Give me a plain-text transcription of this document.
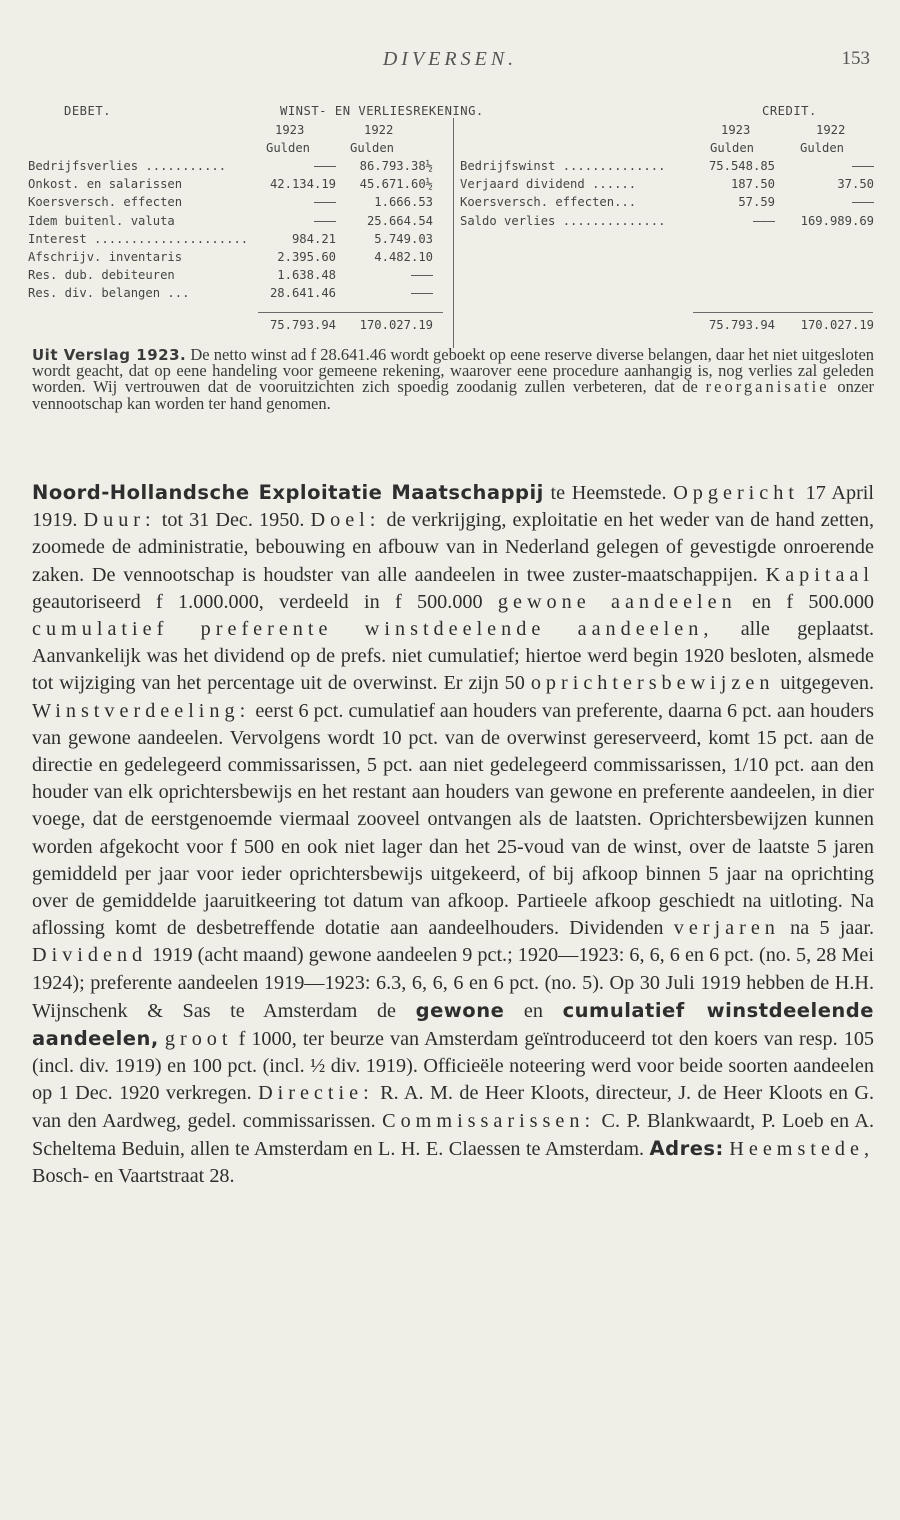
DIVERSEN.	153
DEBET.	WINST- EN VERLIESREKENING.	CREDIT.
1923	1922	1923	1922
Gulden	Gulden	Gulden	Gulden
Bedrijfsverlies ...........	———	86.793.38½
Onkost. en salarissen	42.134.19	45.671.60½
Koersversch. effecten	———	1.666.53
Idem buitenl. valuta	———	25.664.54
Interest .....................	984.21	5.749.03
Afschrijv. inventaris	2.395.60	4.482.10
Res. dub. debiteuren	1.638.48	———
Res. div. belangen ...	28.641.46	———
Bedrijfswinst ..............	75.548.85	———
Verjaard dividend ......	187.50	37.50
Koersversch. effecten...	57.59	———
Saldo verlies ..............	———	169.989.69
75.793.94	170.027.19	75.793.94	170.027.19

Uit Verslag 1923. De netto winst ad f 28.641.46 wordt geboekt op eene reserve diverse belangen, daar het niet uitgesloten wordt geacht, dat op eene handeling voor gemeene rekening, waarover eene procedure aanhangig is, nog verlies zal geleden worden. Wij vertrouwen dat de vooruitzichten zich spoedig zoodanig zullen verbeteren, dat de reorganisatie onzer vennootschap kan worden ter hand genomen.

Noord-Hollandsche Exploitatie Maatschappij te Heemstede. Opgericht 17 April 1919. Duur: tot 31 Dec. 1950. Doel: de verkrijging, exploitatie en het weder van de hand zetten, zoomede de administratie, bebouwing en afbouw van in Nederland gelegen of gevestigde onroerende zaken. De vennootschap is houdster van alle aandeelen in twee zuster-maatschappijen. Kapitaal geautoriseerd f 1.000.000, verdeeld in f 500.000 gewone aandeelen en f 500.000 cumulatief preferente winstdeelende aandeelen, alle geplaatst. Aanvankelijk was het dividend op de prefs. niet cumulatief; hiertoe werd begin 1920 besloten, alsmede tot wijziging van het percentage uit de overwinst. Er zijn 50 oprichtersbewijzen uitgegeven. Winstverdeeling: eerst 6 pct. cumulatief aan houders van preferente, daarna 6 pct. aan houders van gewone aandeelen. Vervolgens wordt 10 pct. van de overwinst gereserveerd, komt 15 pct. aan de directie en gedelegeerd commissarissen, 5 pct. aan niet gedelegeerd commissarissen, 1/10 pct. aan den houder van elk oprichtersbewijs en het restant aan houders van gewone en preferente aandeelen, in dier voege, dat de eerstgenoemde viermaal zooveel ontvangen als de laatsten. Oprichtersbewijzen kunnen worden afgekocht voor f 500 en ook niet lager dan het 25-voud van de winst, over de laatste 5 jaren gemiddeld per jaar voor ieder oprichtersbewijs uitgekeerd, of bij afkoop binnen 5 jaar na oprichting over de gemiddelde jaaruitkeering tot datum van afkoop. Partieele afkoop geschiedt na uitloting. Na aflossing komt de desbetreffende dotatie aan aandeelhouders. Dividenden verjaren na 5 jaar. Dividend 1919 (acht maand) gewone aandeelen 9 pct.; 1920—1923: 6, 6, 6 en 6 pct. (no. 5, 28 Mei 1924); preferente aandeelen 1919—1923: 6.3, 6, 6, 6 en 6 pct. (no. 5). Op 30 Juli 1919 hebben de H.H. Wijnschenk & Sas te Amsterdam de gewone en cumulatief winstdeelende aandeelen, groot f 1000, ter beurze van Amsterdam geïntroduceerd tot den koers van resp. 105 (incl. div. 1919) en 100 pct. (incl. ½ div. 1919). Officieële noteering werd voor beide soorten aandeelen op 1 Dec. 1920 verkregen. Directie: R. A. M. de Heer Kloots, directeur, J. de Heer Kloots en G. van den Aardweg, gedel. commissarissen. Commissarissen: C. P. Blankwaardt, P. Loeb en A. Scheltema Beduin, allen te Amsterdam en L. H. E. Claessen te Amsterdam. Adres: Heemstede, Bosch- en Vaartstraat 28.
